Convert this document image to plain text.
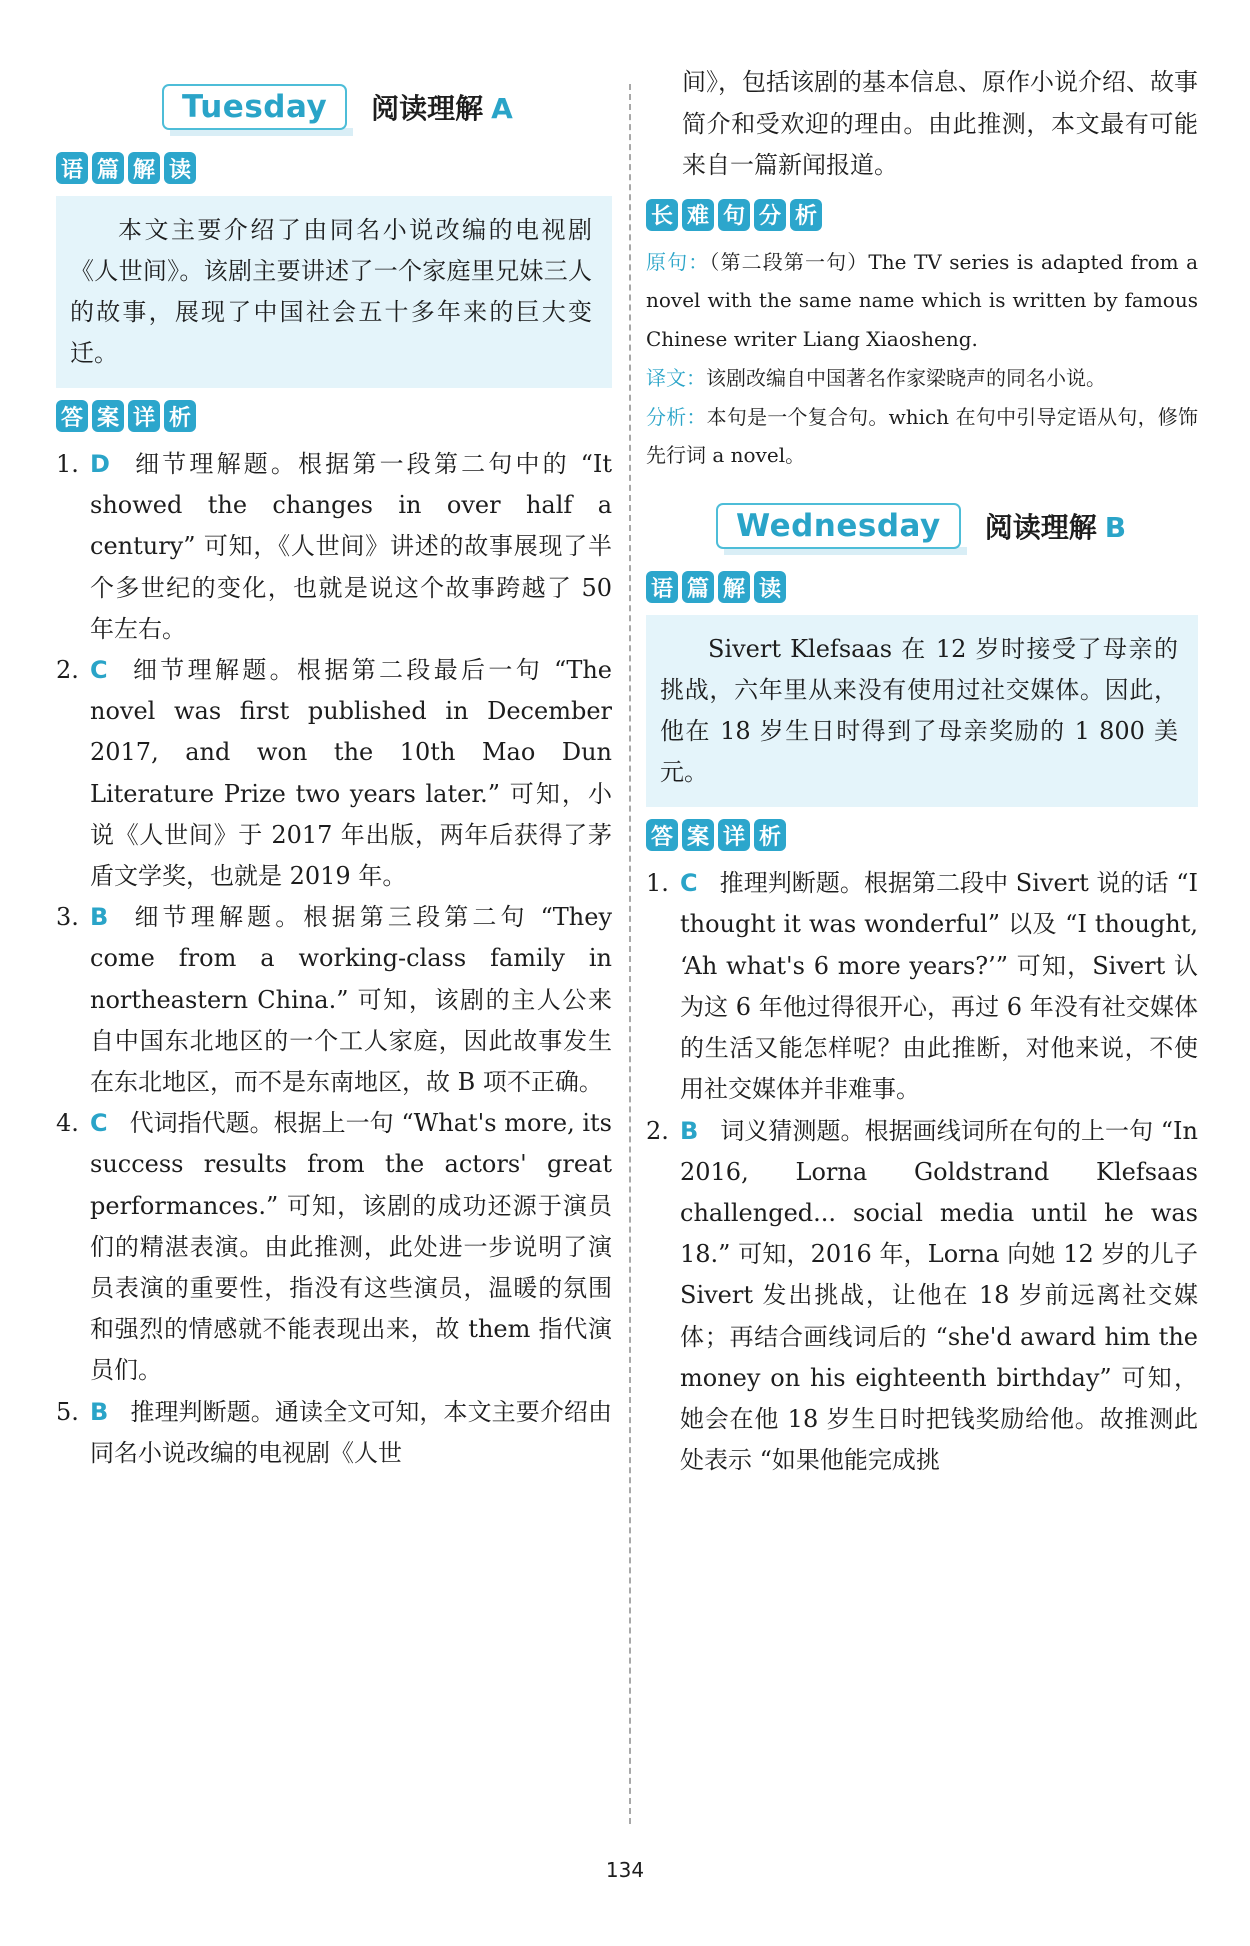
Tuesday	阅读理解 A
语 篇 解 读

本文主要介绍了由同名小说改编的电视剧《人世间》。该剧主要讲述了一个家庭里兄妹三人的故事，展现了中国社会五十多年来的巨大变迁。

答 案 详 析
1. D 细节理解题。根据第一段第二句中的 “It showed the changes in over half a century” 可知，《人世间》讲述的故事展现了半个多世纪的变化，也就是说这个故事跨越了 50 年左右。
2. C 细节理解题。根据第二段最后一句 “The novel was first published in December 2017, and won the 10th Mao Dun Literature Prize two years later.” 可知，小说《人世间》于 2017 年出版，两年后获得了茅盾文学奖，也就是 2019 年。
3. B 细节理解题。根据第三段第二句 “They come from a working-class family in northeastern China.” 可知，该剧的主人公来自中国东北地区的一个工人家庭，因此故事发生在东北地区，而不是东南地区，故 B 项不正确。
4. C 代词指代题。根据上一句 “What's more, its success results from the actors' great performances.” 可知，该剧的成功还源于演员们的精湛表演。由此推测，此处进一步说明了演员表演的重要性，指没有这些演员，温暖的氛围和强烈的情感就不能表现出来，故 them 指代演员们。
5. B 推理判断题。通读全文可知，本文主要介绍由同名小说改编的电视剧《人世

间》，包括该剧的基本信息、原作小说介绍、故事简介和受欢迎的理由。由此推测，本文最有可能来自一篇新闻报道。

长 难 句 分 析

原句：（第二段第一句）The TV series is adapted from a novel with the same name which is written by famous Chinese writer Liang Xiaosheng.

译文：该剧改编自中国著名作家梁晓声的同名小说。

分析：本句是一个复合句。which 在句中引导定语从句，修饰先行词 a novel。

Wednesday	阅读理解 B
语 篇 解 读

Sivert Klefsaas 在 12 岁时接受了母亲的挑战，六年里从来没有使用过社交媒体。因此，他在 18 岁生日时得到了母亲奖励的 1 800 美元。

答 案 详 析
1. C 推理判断题。根据第二段中 Sivert 说的话 “I thought it was wonderful” 以及 “I thought, ‘Ah what's 6 more years?’” 可知，Sivert 认为这 6 年他过得很开心，再过 6 年没有社交媒体的生活又能怎样呢？由此推断，对他来说，不使用社交媒体并非难事。
2. B 词义猜测题。根据画线词所在句的上一句 “In 2016, Lorna Goldstrand Klefsaas challenged... social media until he was 18.” 可知，2016 年，Lorna 向她 12 岁的儿子 Sivert 发出挑战，让他在 18 岁前远离社交媒体；再结合画线词后的 “she'd award him the money on his eighteenth birthday” 可知，她会在他 18 岁生日时把钱奖励给他。故推测此处表示 “如果他能完成挑
134
